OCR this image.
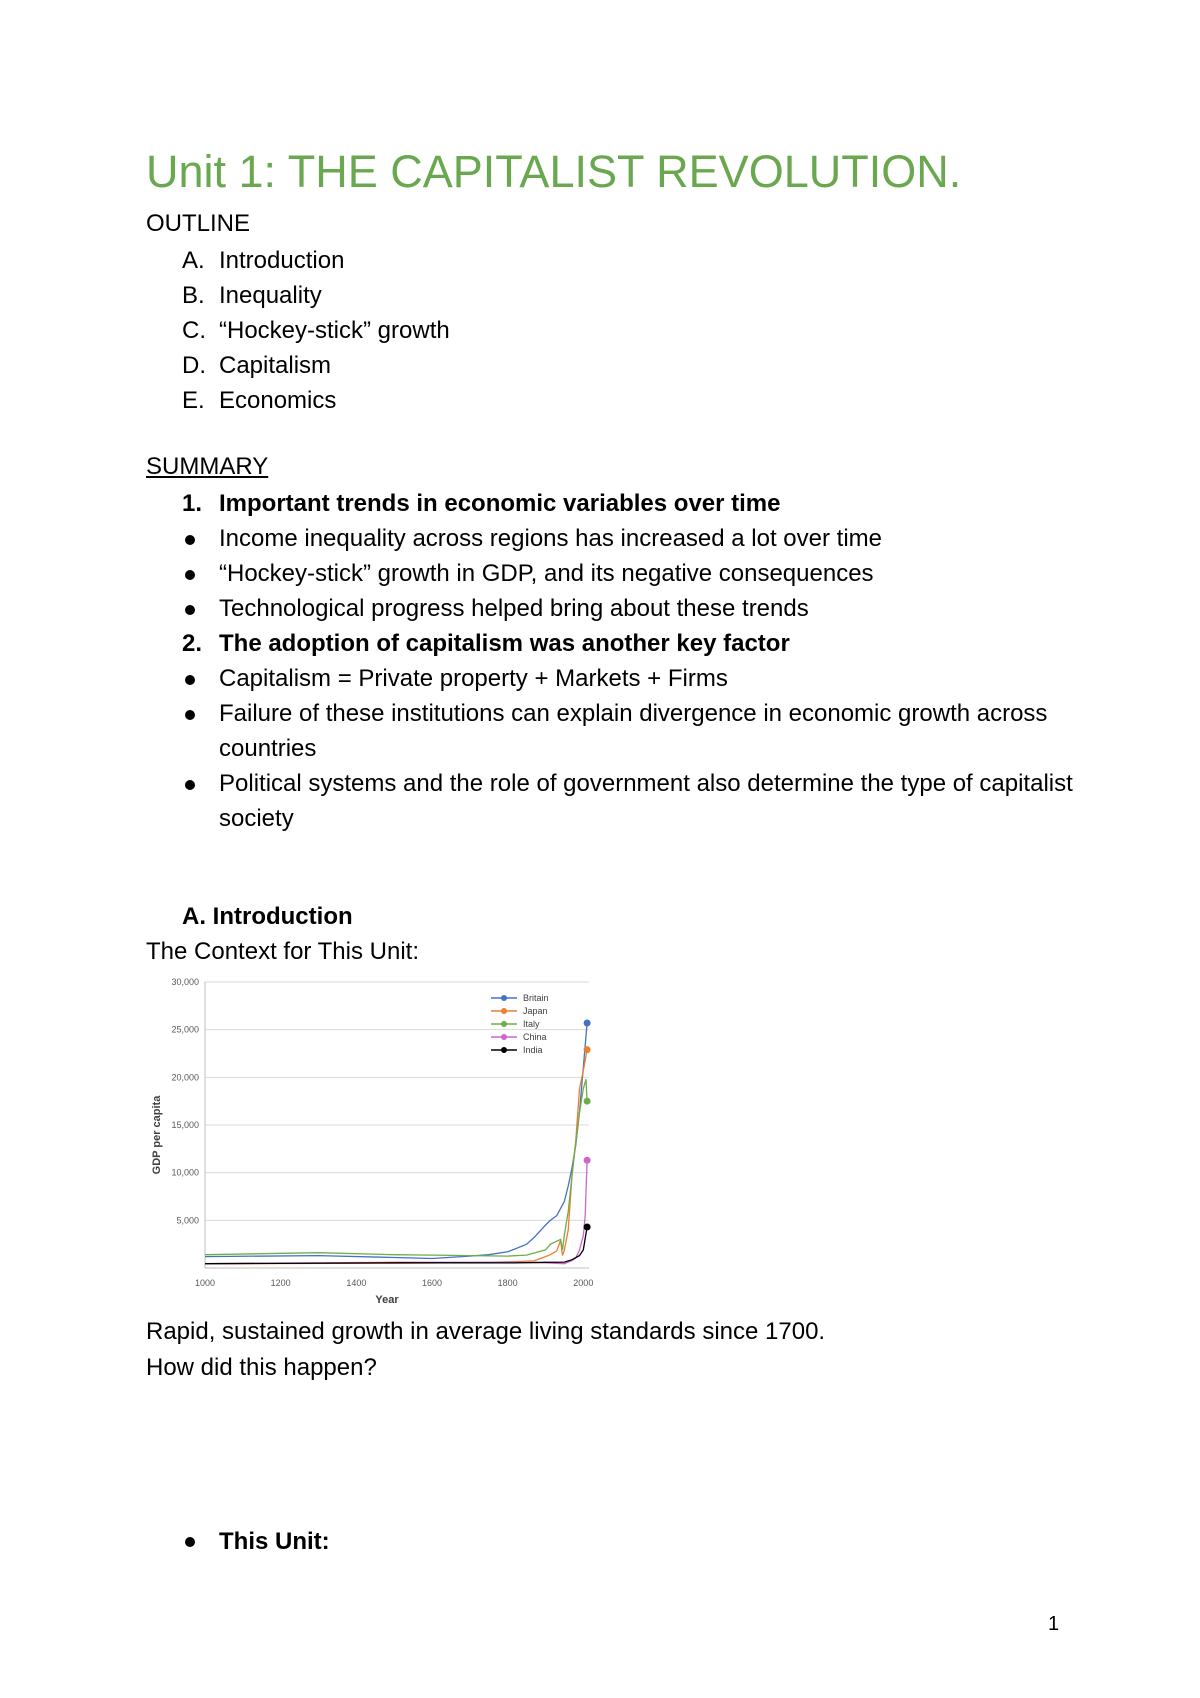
Unit 1: THE CAPITALIST REVOLUTION.
OUTLINE
A. Introduction
B. Inequality
C. “Hockey-stick” growth
D. Capitalism
E. Economics
SUMMARY
1. Important trends in economic variables over time
Income inequality across regions has increased a lot over time
“Hockey-stick” growth in GDP, and its negative consequences
Technological progress helped bring about these trends
2. The adoption of capitalism was another key factor
Capitalism = Private property + Markets + Firms
Failure of these institutions can explain divergence in economic growth across countries
Political systems and the role of government also determine the type of capitalist society
A. Introduction
The Context for This Unit:
5,000
10,000
15,000
20,000
25,000
30,000
1000	1200	1400	1600	1800	2000
Year
GDP per capita
Britain
Japan
Italy
China
India
Rapid, sustained growth in average living standards since 1700.
How did this happen?
This Unit:
1
